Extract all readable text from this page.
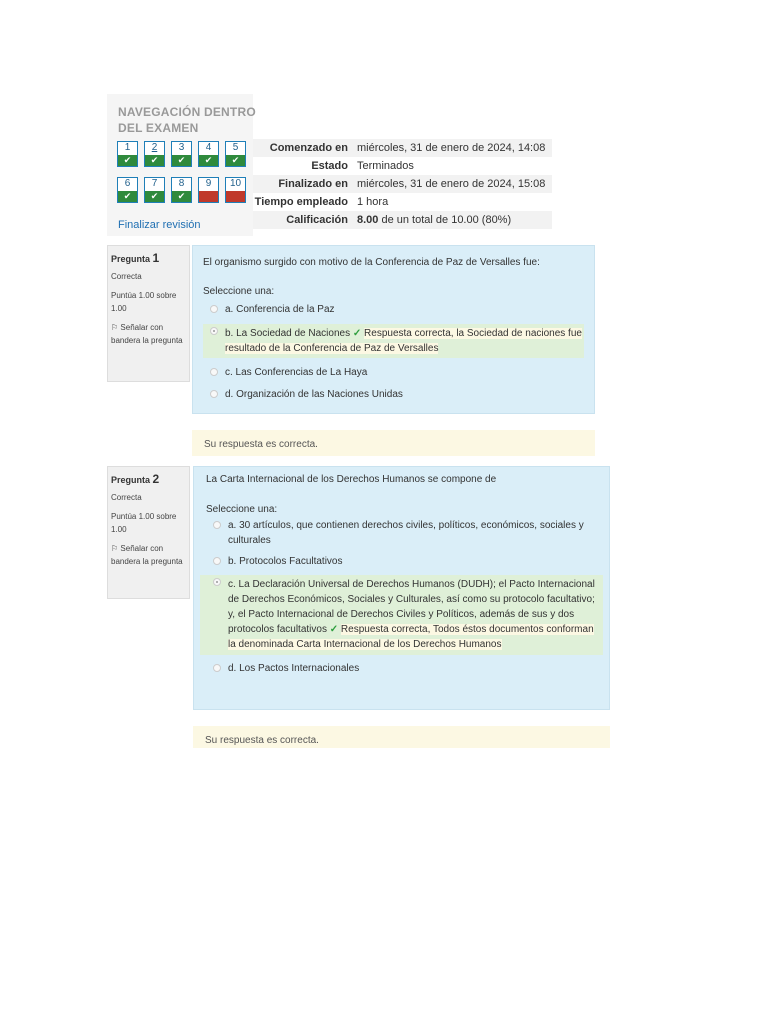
NAVEGACIÓN DENTRO DEL EXAMEN
1
✔
2
✔
3
✔
4
✔
5
✔
6
✔
7
✔
8
✔
9	10
Finalizar revisión
Comenzado en	miércoles, 31 de enero de 2024, 14:08
Estado	Terminados
Finalizado en	miércoles, 31 de enero de 2024, 15:08
Tiempo empleado	1 hora
Calificación	8.00 de un total de 10.00 (80%)
Pregunta 1
Correcta
Puntúa 1.00 sobre 1.00
⚐ Señalar con bandera la pregunta
El organismo surgido con motivo de la Conferencia de Paz de Versalles fue:
Seleccione una:
a. Conferencia de la Paz
b. La Sociedad de Naciones ✓ Respuesta correcta, la Sociedad de naciones fue resultado de la Conferencia de Paz de Versalles
c. Las Conferencias de La Haya
d. Organización de las Naciones Unidas
Su respuesta es correcta.
Pregunta 2
Correcta
Puntúa 1.00 sobre 1.00
⚐ Señalar con bandera la pregunta
La Carta Internacional de los Derechos Humanos se compone de
Seleccione una:
a. 30 artículos, que contienen derechos civiles, políticos, económicos, sociales y culturales
b. Protocolos Facultativos
c. La Declaración Universal de Derechos Humanos (DUDH); el Pacto Internacional de Derechos Económicos, Sociales y Culturales, así como su protocolo facultativo; y, el Pacto Internacional de Derechos Civiles y Políticos, además de sus y dos protocolos facultativos ✓ Respuesta correcta, Todos éstos documentos conforman la denominada Carta Internacional de los Derechos Humanos
d. Los Pactos Internacionales
Su respuesta es correcta.
